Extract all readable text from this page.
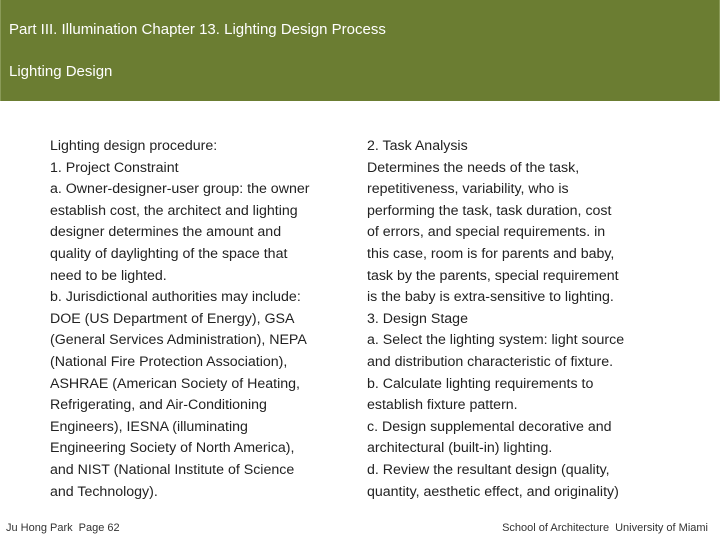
Part III. Illumination Chapter 13. Lighting Design Process
Lighting Design
Lighting design procedure:
1. Project Constraint
a. Owner-designer-user group: the owner
establish cost, the architect and lighting
designer determines the amount and
quality of daylighting of the space that
need to be lighted.
b. Jurisdictional authorities may include:
DOE (US Department of Energy), GSA
(General Services Administration), NEPA
(National Fire Protection Association),
ASHRAE (American Society of Heating,
Refrigerating, and Air-Conditioning
Engineers), IESNA (illuminating
Engineering Society of North America),
and NIST (National Institute of Science
and Technology).
2. Task Analysis
Determines the needs of the task,
repetitiveness, variability, who is
performing the task, task duration, cost
of errors, and special requirements. in
this case, room is for parents and baby,
task by the parents, special requirement
is the baby is extra-sensitive to lighting.
3. Design Stage
a. Select the lighting system: light source
and distribution characteristic of fixture.
b. Calculate lighting requirements to
establish fixture pattern.
c. Design supplemental decorative and
architectural (built-in) lighting.
d. Review the resultant design (quality,
quantity, aesthetic effect, and originality)
Ju Hong Park Page 62	School of Architecture University of Miami
